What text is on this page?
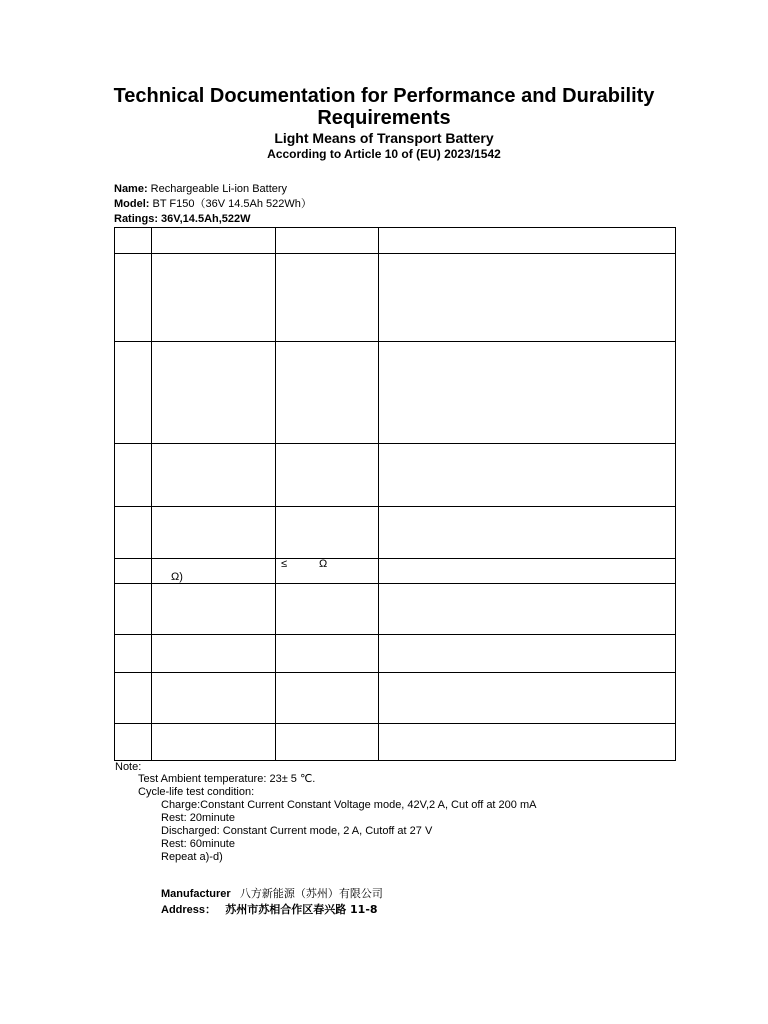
Technical Documentation for Performance and Durability
Requirements
Light Means of Transport Battery
According to Article 10 of (EU) 2023/1542
Name: Rechargeable Li-ion Battery
Model: BT F150（36V 14.5Ah 522Wh）
Ratings: 36V,14.5Ah,522W
Ω)
≤	Ω
Note:
Test Ambient temperature: 23± 5 ℃.
Cycle-life test condition:
Charge:Constant Current Constant Voltage mode, 42V,2 A, Cut off at 200 mA
Rest: 20minute
Discharged: Constant Current mode, 2 A, Cutoff at 27 V
Rest: 60minute
Repeat a)-d)
Manufacturer 八方新能源（苏州）有限公司
Address： 苏州市苏相合作区春兴路 11-8
